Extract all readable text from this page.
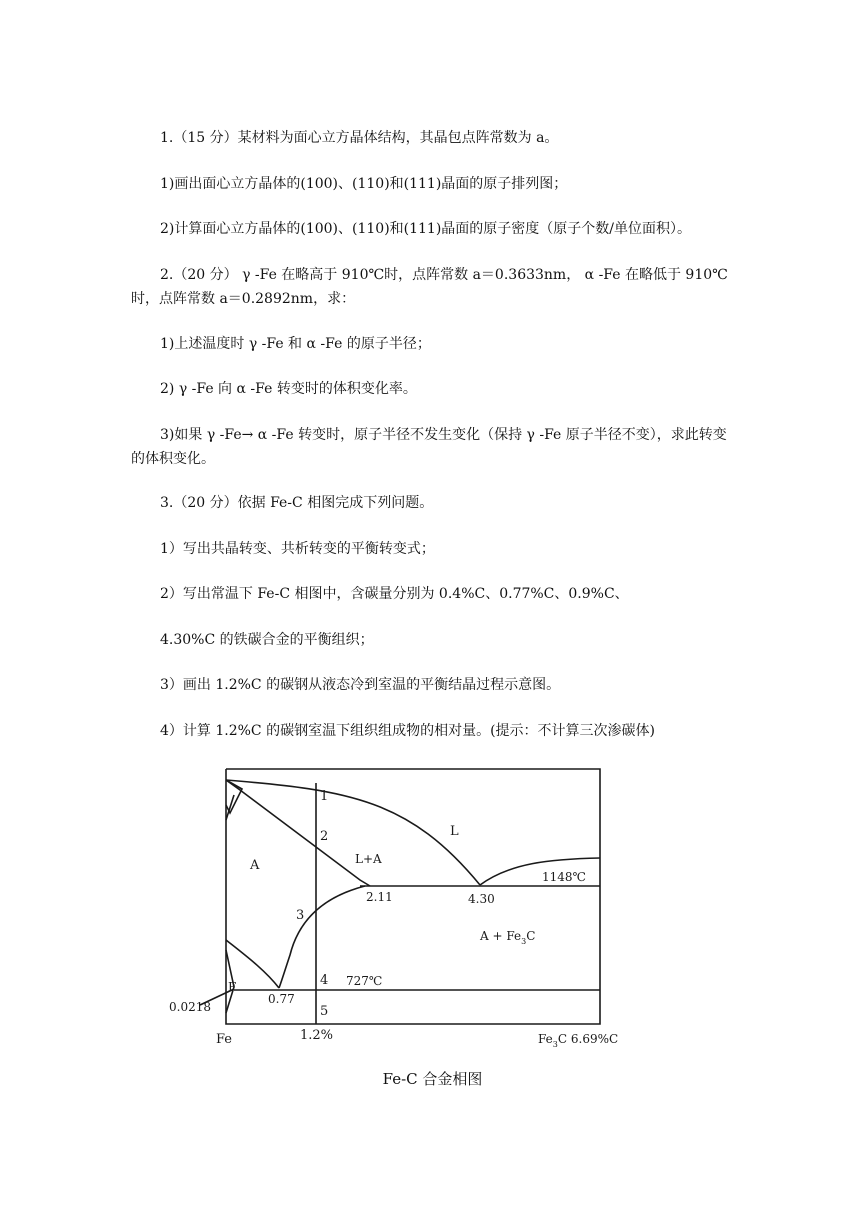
1.（15 分）某材料为面心立方晶体结构，其晶包点阵常数为 a。

1)画出面心立方晶体的(100)、(110)和(111)晶面的原子排列图；

2)计算面心立方晶体的(100)、(110)和(111)晶面的原子密度（原子个数/单位面积）。

2.（20 分） γ -Fe 在略高于 910℃时，点阵常数 a＝0.3633nm， α -Fe 在略低于 910℃时，点阵常数 a＝0.2892nm，求：

1)上述温度时 γ -Fe 和 α -Fe 的原子半径；

2) γ -Fe 向 α -Fe 转变时的体积变化率。

3)如果 γ -Fe→ α -Fe 转变时，原子半径不发生变化（保持 γ -Fe 原子半径不变），求此转变的体积变化。

3.（20 分）依据 Fe-C 相图完成下列问题。

1）写出共晶转变、共析转变的平衡转变式；

2）写出常温下 Fe-C 相图中，含碳量分别为 0.4%C、0.77%C、0.9%C、

4.30%C 的铁碳合金的平衡组织；

3）画出 1.2%C 的碳钢从液态冷到室温的平衡结晶过程示意图。

4）计算 1.2%C 的碳钢室温下组织组成物的相对量。(提示：不计算三次渗碳体)

L
A	L+A
$A + Fe_3C$
F
1
2
3
4
5
2.11	4.30
0.77
0.0218
1148℃
727℃
Fe	1.2%	$Fe_3C$ 6.69%C
Fe-C 合金相图
